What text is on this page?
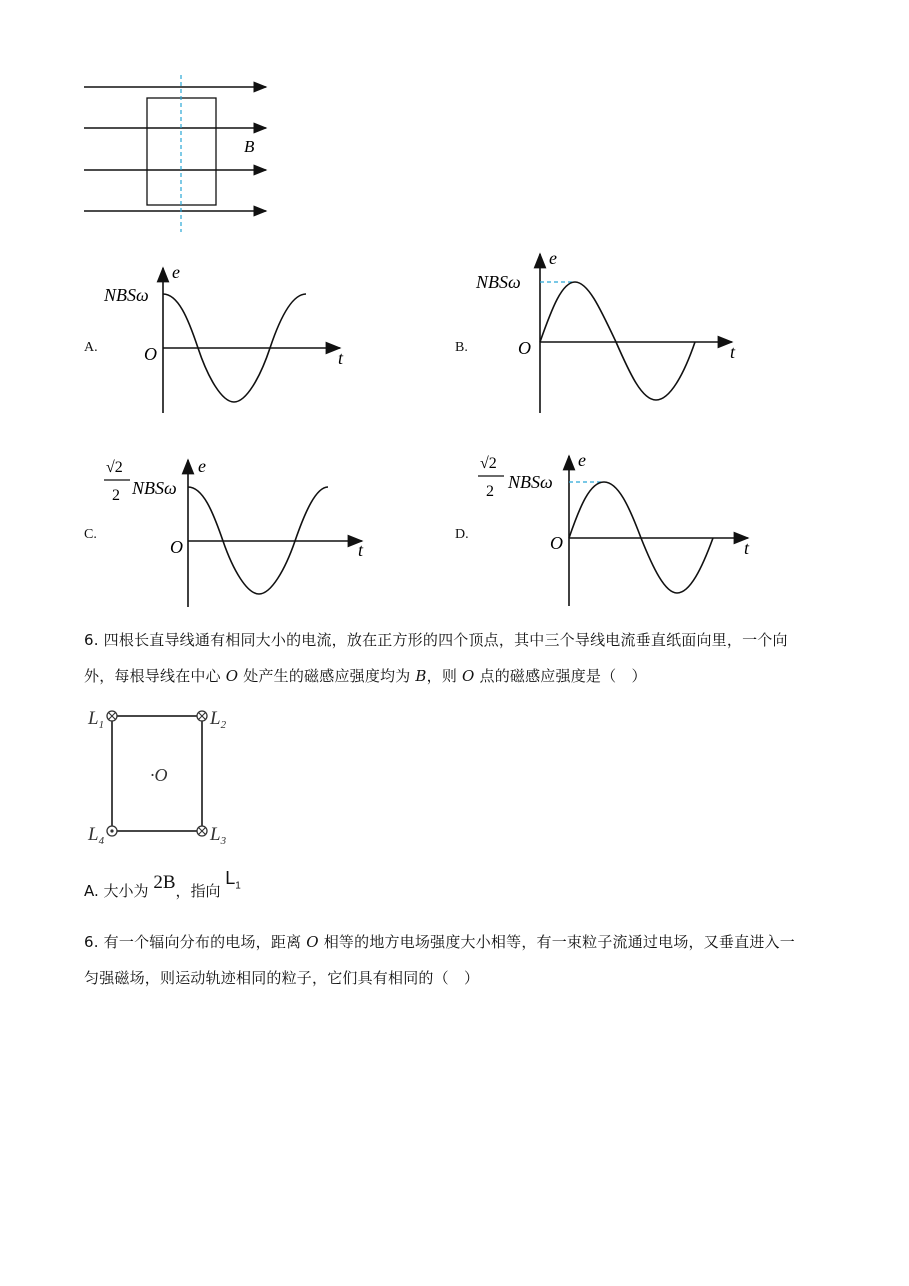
B
A.
e
NBSω
O	t
B.
e
NBSω
O	t
C.
√2
2 NBSω
e
O	t
D.
√2
2 NBSω
e
O	t
6. 四根长直导线通有相同大小的电流，放在正方形的四个顶点，其中三个导线电流垂直纸面向里，一个向
外，每根导线在中心 O 处产生的磁感应强度均为 B，则 O 点的磁感应强度是（　）
$L_1$	$L_2$
$L_3$
$L_4$
·O
A. 大小为 2B，指向 $L_1$
6. 有一个辐向分布的电场，距离 O 相等的地方电场强度大小相等，有一束粒子流通过电场，又垂直进入一
匀强磁场，则运动轨迹相同的粒子，它们具有相同的（　）
